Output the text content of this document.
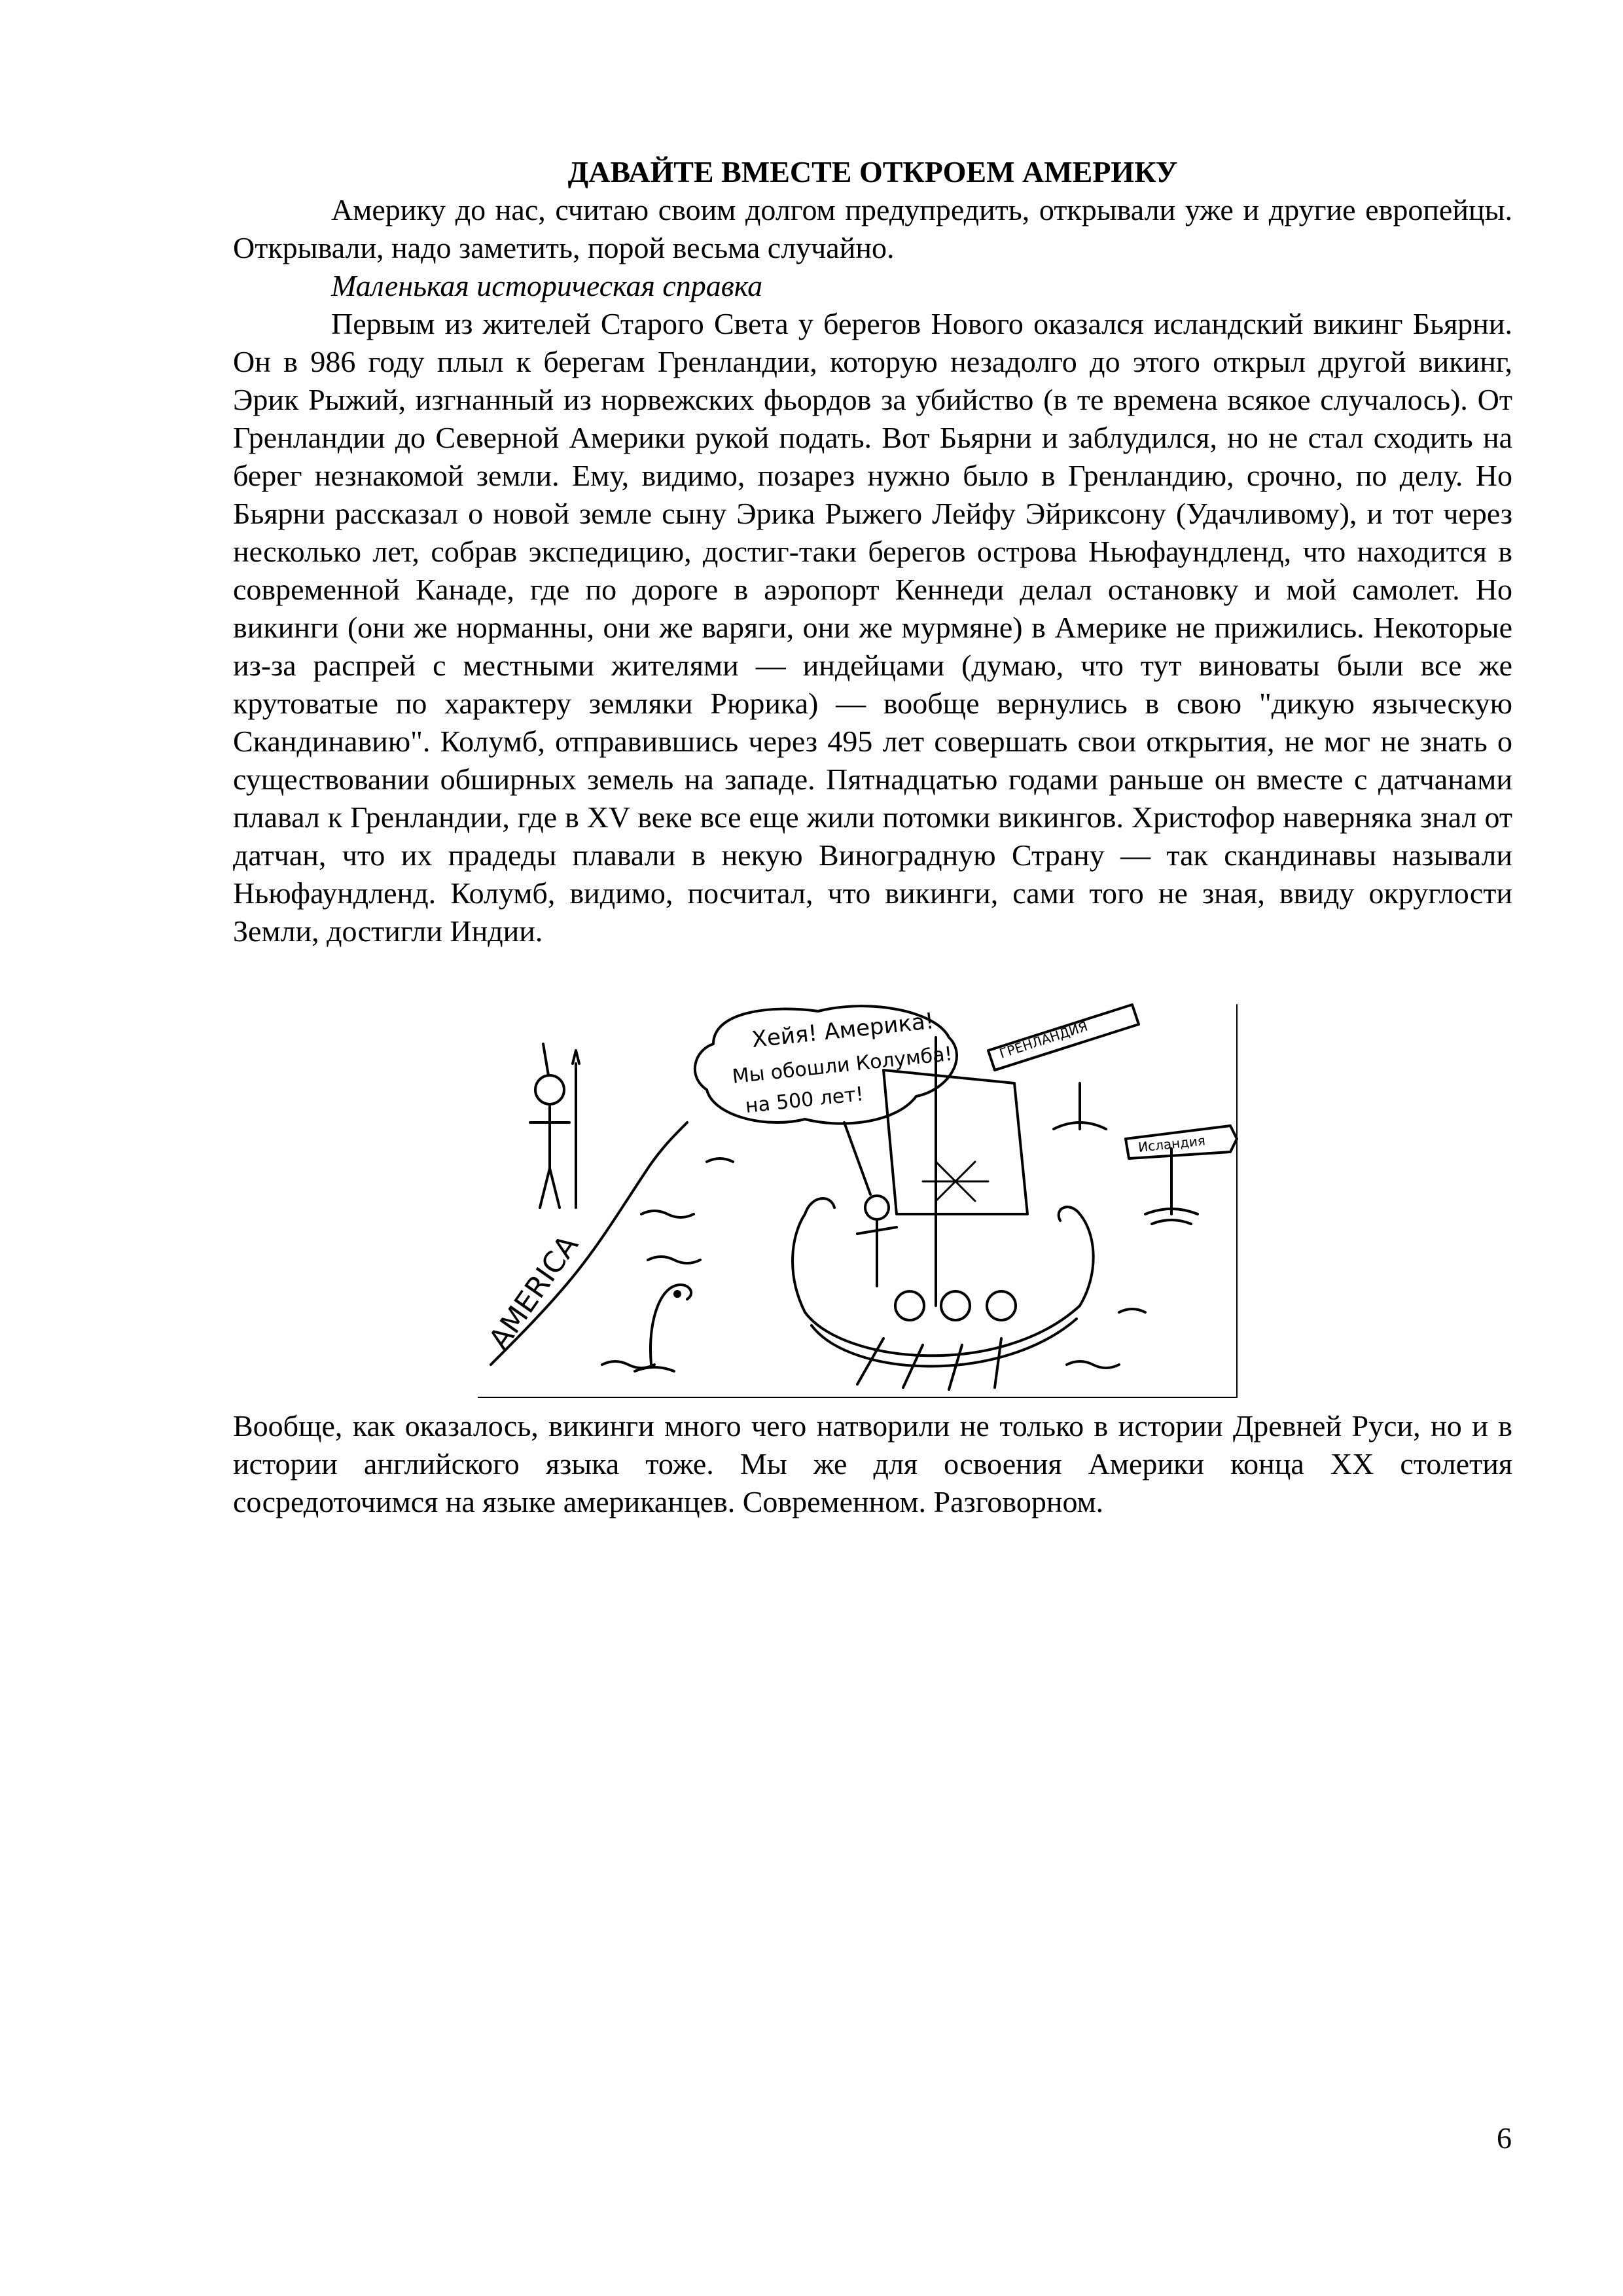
ДАВАЙТЕ ВМЕСТЕ ОТКРОЕМ АМЕРИКУ

Америку до нас, считаю своим долгом предупредить, открывали уже и другие европейцы. Открывали, надо заметить, порой весьма случайно.

Маленькая историческая справка

Первым из жителей Старого Света у берегов Нового оказался исландский викинг Бьярни. Он в 986 году плыл к берегам Гренландии, которую незадолго до этого открыл другой викинг, Эрик Рыжий, изгнанный из норвежских фьордов за убийство (в те времена всякое случалось). От Гренландии до Северной Америки рукой подать. Вот Бьярни и заблудился, но не стал сходить на берег незнакомой земли. Ему, видимо, позарез нужно было в Гренландию, срочно, по делу. Но Бьярни рассказал о новой земле сыну Эрика Рыжего Лейфу Эйриксону (Удачливому), и тот через несколько лет, собрав экспедицию, достиг-таки берегов острова Ньюфаундленд, что находится в современной Канаде, где по дороге в аэропорт Кеннеди делал остановку и мой самолет. Но викинги (они же норманны, они же варяги, они же мурмяне) в Америке не прижились. Некоторые из-за распрей с местными жителями — индейцами (думаю, что тут виноваты были все же крутоватые по характеру земляки Рюрика) — вообще вернулись в свою "дикую языческую Скандинавию". Колумб, отправившись через 495 лет совершать свои открытия, не мог не знать о существовании обширных земель на западе. Пятнадцатью годами раньше он вместе с датчанами плавал к Гренландии, где в XV веке все еще жили потомки викингов. Христофор наверняка знал от датчан, что их прадеды плавали в некую Виноградную Страну — так скандинавы называли Ньюфаундленд. Колумб, видимо, посчитал, что викинги, сами того не зная, ввиду округлости Земли, достигли Индии.

AMERICA
Хейя! Америка!
Мы обошли Колумба!
на 500 лет!
ГРЕНЛАНДИЯ
Исландия

Вообще, как оказалось, викинги много чего натворили не только в истории Древней Руси, но и в истории английского языка тоже. Мы же для освоения Америки конца XX столетия сосредоточимся на языке американцев. Современном. Разговорном.

6
